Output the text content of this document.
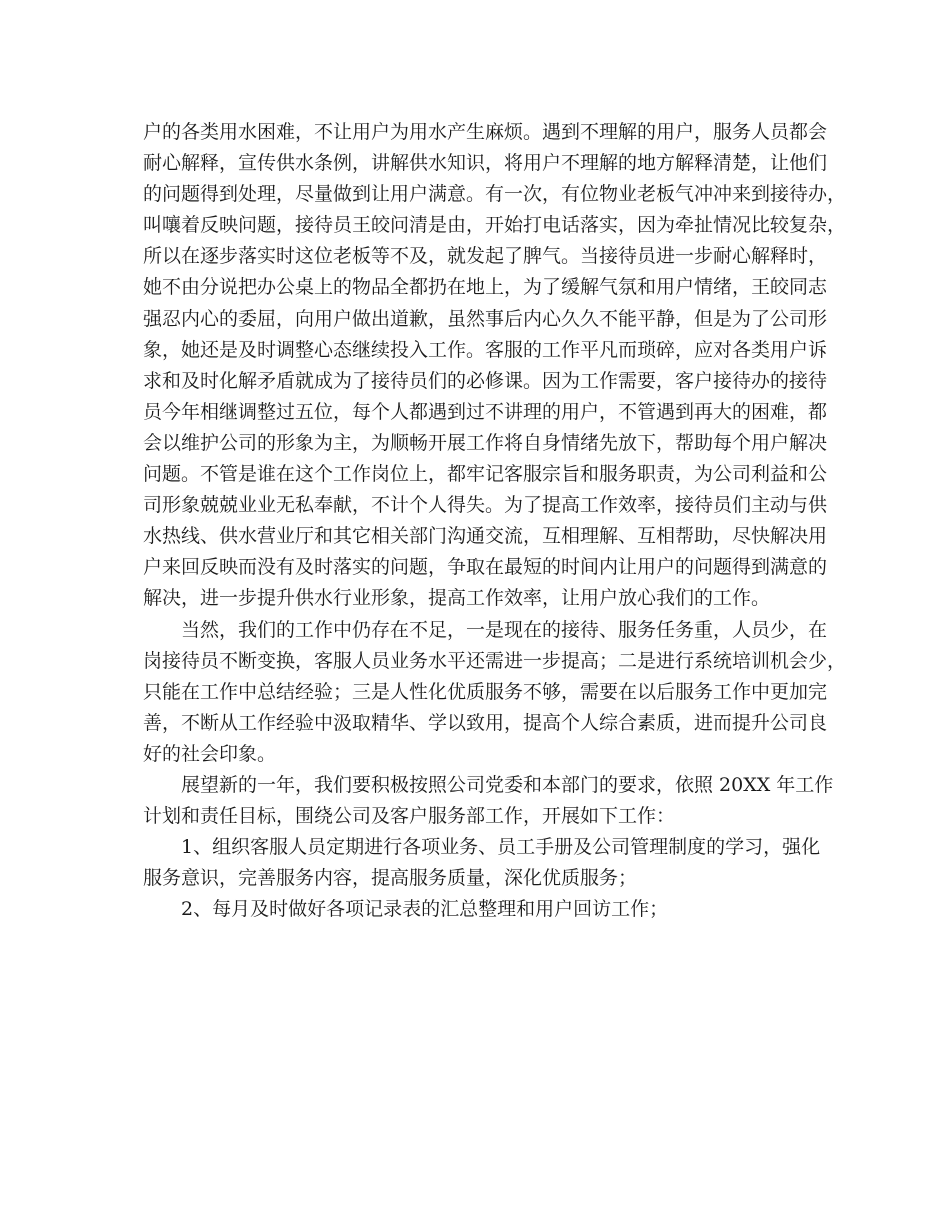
户的各类用水困难，不让用户为用水产生麻烦。遇到不理解的用户，服务人员都会
耐心解释，宣传供水条例，讲解供水知识，将用户不理解的地方解释清楚，让他们
的问题得到处理，尽量做到让用户满意。有一次，有位物业老板气冲冲来到接待办，
叫嚷着反映问题，接待员王皎问清是由，开始打电话落实，因为牵扯情况比较复杂，
所以在逐步落实时这位老板等不及，就发起了脾气。当接待员进一步耐心解释时，
她不由分说把办公桌上的物品全都扔在地上，为了缓解气氛和用户情绪，王皎同志
强忍内心的委屈，向用户做出道歉，虽然事后内心久久不能平静，但是为了公司形
象，她还是及时调整心态继续投入工作。客服的工作平凡而琐碎，应对各类用户诉
求和及时化解矛盾就成为了接待员们的必修课。因为工作需要，客户接待办的接待
员今年相继调整过五位，每个人都遇到过不讲理的用户，不管遇到再大的困难，都
会以维护公司的形象为主，为顺畅开展工作将自身情绪先放下，帮助每个用户解决
问题。不管是谁在这个工作岗位上，都牢记客服宗旨和服务职责，为公司利益和公
司形象兢兢业业无私奉献，不计个人得失。为了提高工作效率，接待员们主动与供
水热线、供水营业厅和其它相关部门沟通交流，互相理解、互相帮助，尽快解决用
户来回反映而没有及时落实的问题，争取在最短的时间内让用户的问题得到满意的
解决，进一步提升供水行业形象，提高工作效率，让用户放心我们的工作。
当然，我们的工作中仍存在不足，一是现在的接待、服务任务重，人员少，在
岗接待员不断变换，客服人员业务水平还需进一步提高；二是进行系统培训机会少，
只能在工作中总结经验；三是人性化优质服务不够，需要在以后服务工作中更加完
善，不断从工作经验中汲取精华、学以致用，提高个人综合素质，进而提升公司良
好的社会印象。
展望新的一年，我们要积极按照公司党委和本部门的要求，依照 20XX 年工作
计划和责任目标，围绕公司及客户服务部工作，开展如下工作：
1、组织客服人员定期进行各项业务、员工手册及公司管理制度的学习，强化
服务意识，完善服务内容，提高服务质量，深化优质服务；
2、每月及时做好各项记录表的汇总整理和用户回访工作；
